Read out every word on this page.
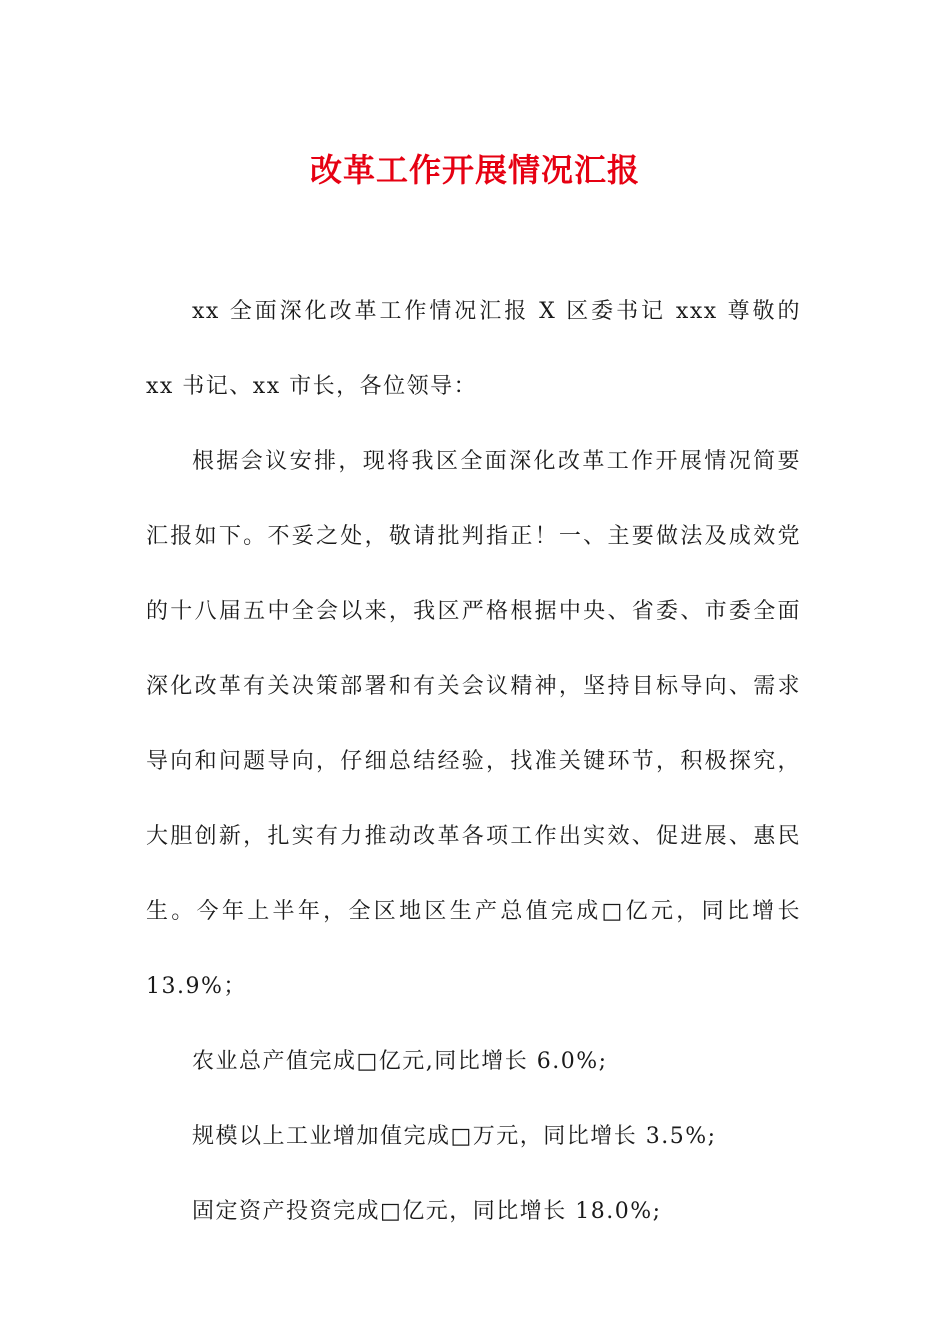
改革工作开展情况汇报

xx 全面深化改革工作情况汇报 X 区委书记 xxx 尊敬的 xx 书记、xx 市长，各位领导：

根据会议安排，现将我区全面深化改革工作开展情况简要汇报如下。不妥之处，敬请批判指正！一、主要做法及成效党的十八届五中全会以来，我区严格根据中央、省委、市委全面深化改革有关决策部署和有关会议精神，坚持目标导向、需求导向和问题导向，仔细总结经验，找准关键环节，积极探究，大胆创新，扎实有力推动改革各项工作出实效、促进展、惠民生。今年上半年，全区地区生产总值完成□亿元，同比增长 13.9%；

农业总产值完成□亿元,同比增长 6.0%;

规模以上工业增加值完成□万元，同比增长 3.5%;

固定资产投资完成□亿元，同比增长 18.0%;
